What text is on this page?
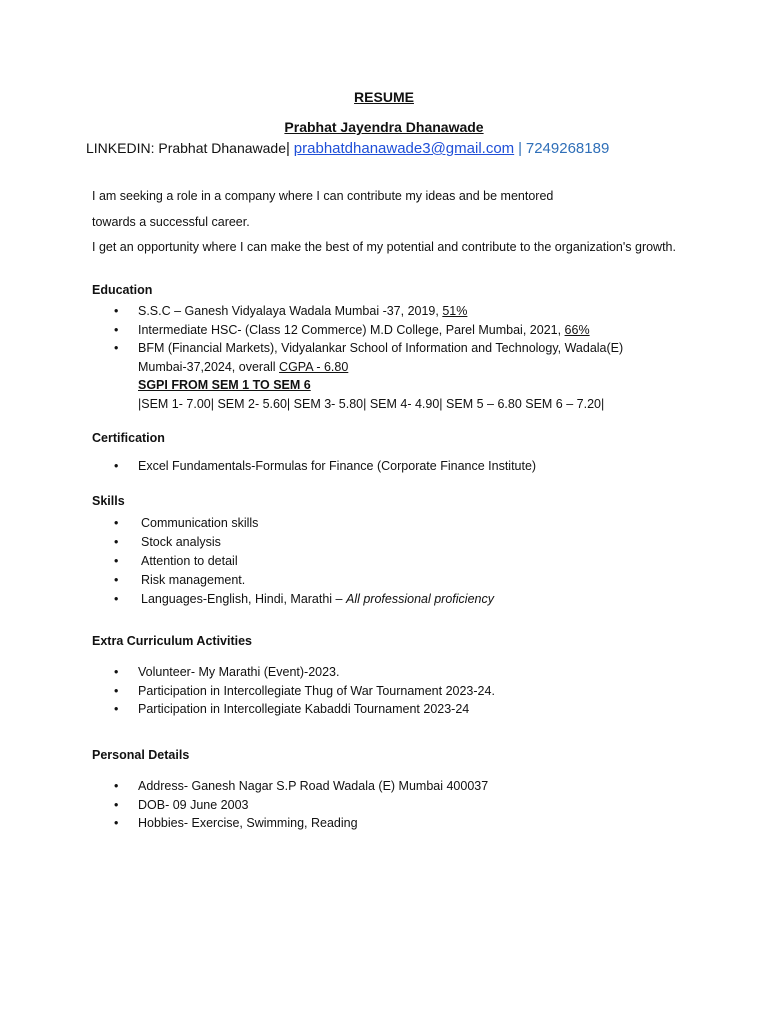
RESUME
Prabhat Jayendra Dhanawade
LINKEDIN: Prabhat Dhanawade| prabhatdhanawade3@gmail.com | 7249268189
I am seeking a role in a company where I can contribute my ideas and be mentored
towards a successful career.
I get an opportunity where I can make the best of my potential and contribute to the organization's growth.
Education
• S.S.C – Ganesh Vidyalaya Wadala Mumbai -37, 2019, 51%
• Intermediate HSC- (Class 12 Commerce) M.D College, Parel Mumbai, 2021, 66%
• BFM (Financial Markets), Vidyalankar School of Information and Technology, Wadala(E)
Mumbai-37,2024, overall CGPA - 6.80
SGPI FROM SEM 1 TO SEM 6
|SEM 1- 7.00| SEM 2- 5.60| SEM 3- 5.80| SEM 4- 4.90| SEM 5 – 6.80 SEM 6 – 7.20|
Certification
• Excel Fundamentals-Formulas for Finance (Corporate Finance Institute)
Skills
• Communication skills
• Stock analysis
• Attention to detail
• Risk management.
• Languages-English, Hindi, Marathi – All professional proficiency
Extra Curriculum Activities
• Volunteer- My Marathi (Event)-2023.
• Participation in Intercollegiate Thug of War Tournament 2023-24.
• Participation in Intercollegiate Kabaddi Tournament 2023-24
Personal Details
• Address- Ganesh Nagar S.P Road Wadala (E) Mumbai 400037
• DOB- 09 June 2003
• Hobbies- Exercise, Swimming, Reading
